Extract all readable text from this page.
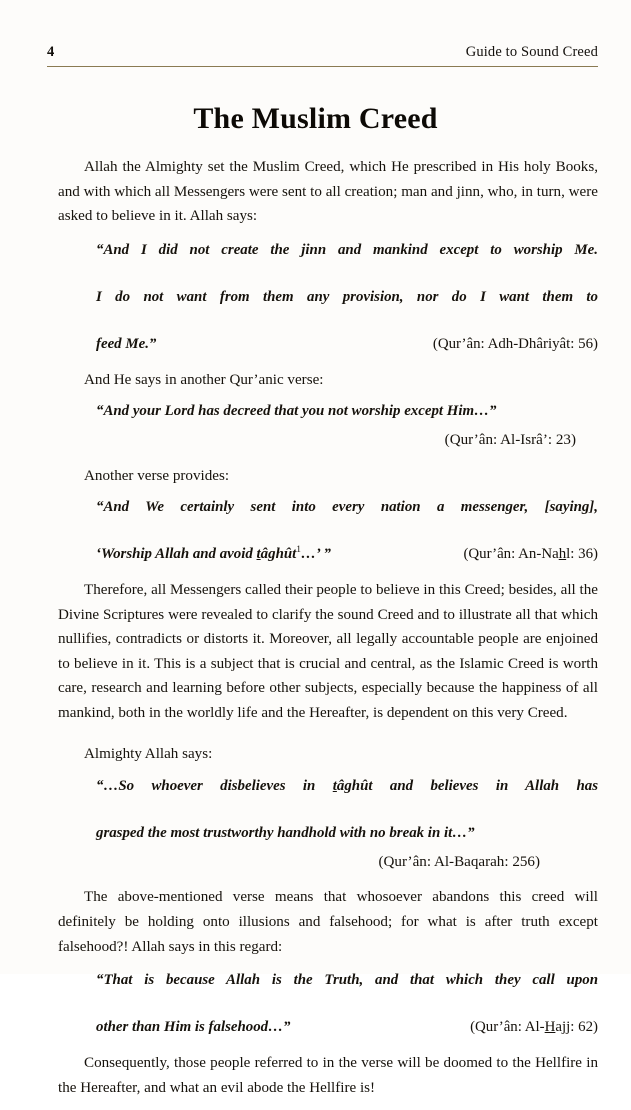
4	Guide to Sound Creed
The Muslim Creed

Allah the Almighty set the Muslim Creed, which He prescribed in His holy Books, and with which all Messengers were sent to all creation; man and jinn, who, in turn, were asked to believe in it. Allah says:

“And I did not create the jinn and mankind except to worship Me.
I do not want from them any provision, nor do I want them to
feed Me.”	(Qur’ân: Adh-Dhâriyât: 56)

And He says in another Qur’anic verse:

“And your Lord has decreed that you not worship except Him…”

(Qur’ân: Al-Isrâ’: 23)

Another verse provides:

“And We certainly sent into every nation a messenger, [saying],
‘Worship Allah and avoid tâghût$^1$…’ ”	(Qur’ân: An-Nahl: 36)

Therefore, all Messengers called their people to believe in this Creed; besides, all the Divine Scriptures were revealed to clarify the sound Creed and to illustrate all that which nullifies, contradicts or distorts it. Moreover, all legally accountable people are enjoined to believe in it. This is a subject that is crucial and central, as the Islamic Creed is worth care, research and learning before other subjects, especially because the happiness of all mankind, both in the worldly life and the Hereafter, is dependent on this very Creed.

Almighty Allah says:

“…So whoever disbelieves in tâghût and believes in Allah has
grasped the most trustworthy handhold with no break in it…”

(Qur’ân: Al-Baqarah: 256)

The above-mentioned verse means that whosoever abandons this creed will definitely be holding onto illusions and falsehood; for what is after truth except falsehood?! Allah says in this regard:

“That is because Allah is the Truth, and that which they call upon
other than Him is falsehood…”	(Qur’ân: Al-Hajj: 62)

Consequently, those people referred to in the verse will be doomed to the Hellfire in the Hereafter, and what an evil abode the Hellfire is!
